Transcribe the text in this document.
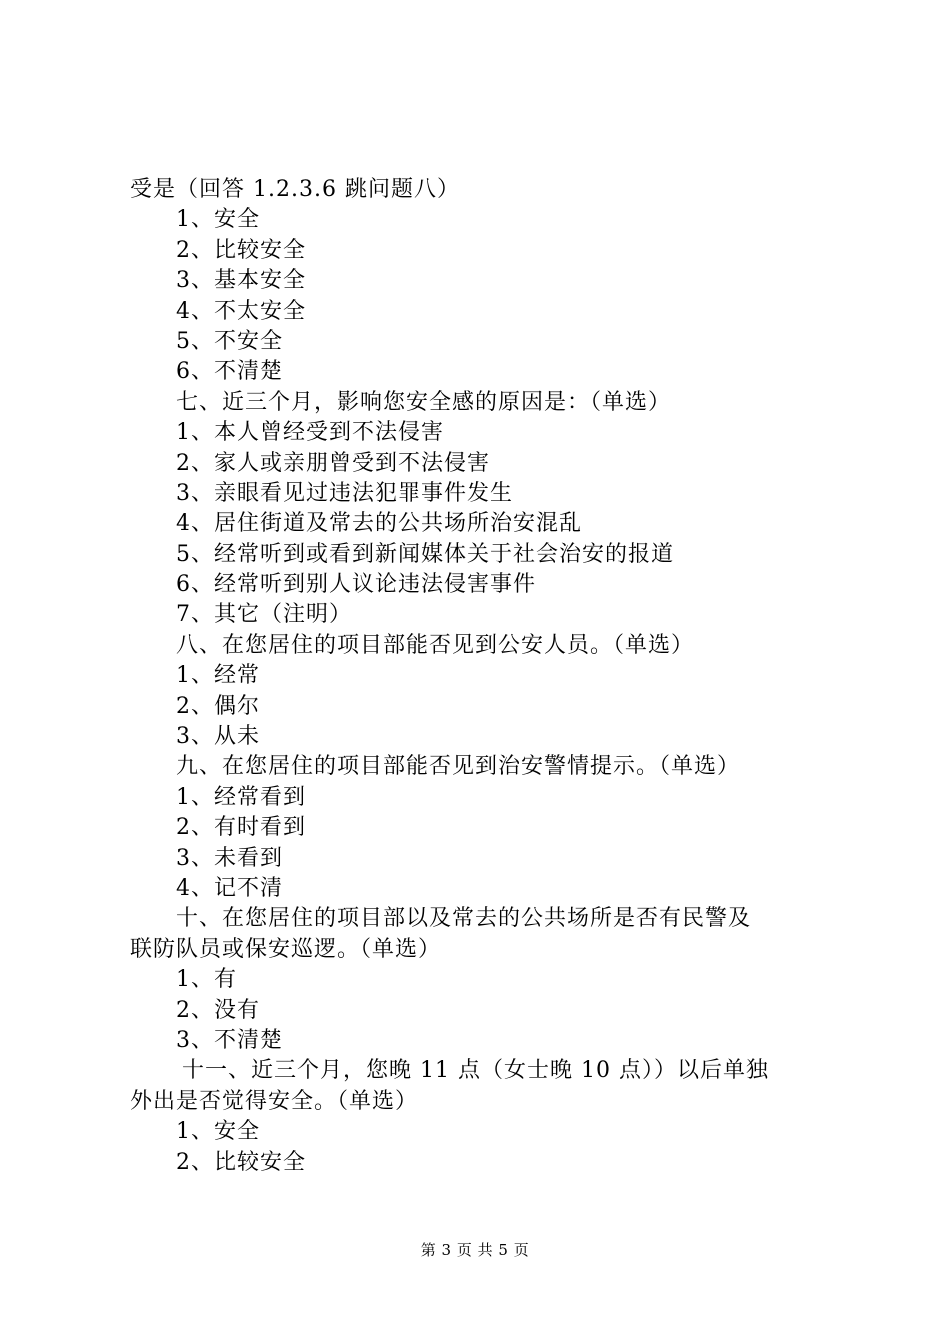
受是（回答 1.2.3.6 跳问题八）
1、安全
2、比较安全
3、基本安全
4、不太安全
5、不安全
6、不清楚
七、近三个月，影响您安全感的原因是：（单选）
1、本人曾经受到不法侵害
2、家人或亲朋曾受到不法侵害
3、亲眼看见过违法犯罪事件发生
4、居住街道及常去的公共场所治安混乱
5、经常听到或看到新闻媒体关于社会治安的报道
6、经常听到别人议论违法侵害事件
7、其它（注明）
八、在您居住的项目部能否见到公安人员。（单选）
1、经常
2、偶尔
3、从未
九、在您居住的项目部能否见到治安警情提示。（单选）
1、经常看到
2、有时看到
3、未看到
4、记不清
十、在您居住的项目部以及常去的公共场所是否有民警及
联防队员或保安巡逻。（单选）
1、有
2、没有
3、不清楚
十一、近三个月，您晚 11 点（女士晚 10 点））以后单独
外出是否觉得安全。（单选）
1、安全
2、比较安全
第 3 页 共 5 页
